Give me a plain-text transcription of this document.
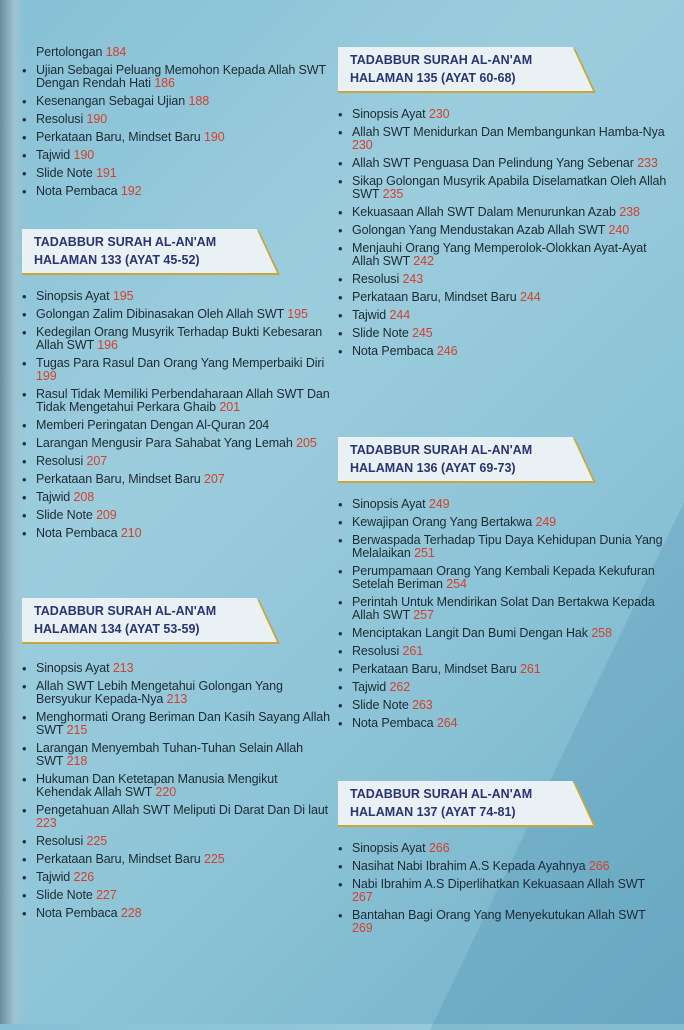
Pertolongan 184
• Ujian Sebagai Peluang Memohon Kepada Allah SWT Dengan Rendah Hati 186
• Kesenangan Sebagai Ujian 188
• Resolusi 190
• Perkataan Baru, Mindset Baru 190
• Tajwid 190
• Slide Note 191
• Nota Pembaca 192
TADABBUR SURAH AL-AN'AM
HALAMAN 133 (AYAT 45-52)
• Sinopsis Ayat 195
• Golongan Zalim Dibinasakan Oleh Allah SWT 195
• Kedegilan Orang Musyrik Terhadap Bukti Kebesaran Allah SWT 196
• Tugas Para Rasul Dan Orang Yang Memperbaiki Diri 199
• Rasul Tidak Memiliki Perbendaharaan Allah SWT Dan Tidak Mengetahui Perkara Ghaib 201
• Memberi Peringatan Dengan Al-Quran 204
• Larangan Mengusir Para Sahabat Yang Lemah 205
• Resolusi 207
• Perkataan Baru, Mindset Baru 207
• Tajwid 208
• Slide Note 209
• Nota Pembaca 210
TADABBUR SURAH AL-AN'AM
HALAMAN 134 (AYAT 53-59)
• Sinopsis Ayat 213
• Allah SWT Lebih Mengetahui Golongan Yang Bersyukur Kepada-Nya 213
• Menghormati Orang Beriman Dan Kasih Sayang Allah SWT 215
• Larangan Menyembah Tuhan-Tuhan Selain Allah SWT 218
• Hukuman Dan Ketetapan Manusia Mengikut Kehendak Allah SWT 220
• Pengetahuan Allah SWT Meliputi Di Darat Dan Di laut 223
• Resolusi 225
• Perkataan Baru, Mindset Baru 225
• Tajwid 226
• Slide Note 227
• Nota Pembaca 228
TADABBUR SURAH AL-AN'AM
HALAMAN 135 (AYAT 60-68)
• Sinopsis Ayat 230
• Allah SWT Menidurkan Dan Membangunkan Hamba-Nya 230
• Allah SWT Penguasa Dan Pelindung Yang Sebenar 233
• Sikap Golongan Musyrik Apabila Diselamatkan Oleh Allah SWT 235
• Kekuasaan Allah SWT Dalam Menurunkan Azab 238
• Golongan Yang Mendustakan Azab Allah SWT 240
• Menjauhi Orang Yang Memperolok-Olokkan Ayat-Ayat Allah SWT 242
• Resolusi 243
• Perkataan Baru, Mindset Baru 244
• Tajwid 244
• Slide Note 245
• Nota Pembaca 246
TADABBUR SURAH AL-AN'AM
HALAMAN 136 (AYAT 69-73)
• Sinopsis Ayat 249
• Kewajipan Orang Yang Bertakwa 249
• Berwaspada Terhadap Tipu Daya Kehidupan Dunia Yang Melalaikan 251
• Perumpamaan Orang Yang Kembali Kepada Kekufuran Setelah Beriman 254
• Perintah Untuk Mendirikan Solat Dan Bertakwa Kepada Allah SWT 257
• Menciptakan Langit Dan Bumi Dengan Hak 258
• Resolusi 261
• Perkataan Baru, Mindset Baru 261
• Tajwid 262
• Slide Note 263
• Nota Pembaca 264
TADABBUR SURAH AL-AN'AM
HALAMAN 137 (AYAT 74-81)
• Sinopsis Ayat 266
• Nasihat Nabi Ibrahim A.S Kepada Ayahnya 266
• Nabi Ibrahim A.S Diperlihatkan Kekuasaan Allah SWT 267
• Bantahan Bagi Orang Yang Menyekutukan Allah SWT 269
